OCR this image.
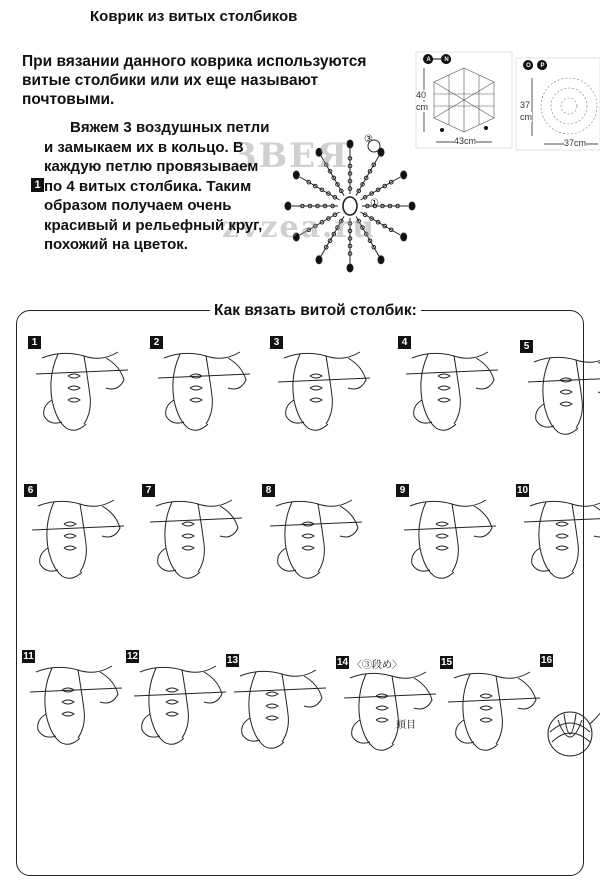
Коврик из витых столбиков
При вязании данного коврика используются витые столбики или их еще называют почтовыми.
A	N
40
cm
43cm
O	P
37
cm
37cm
③
①
ЗВЕЯ
zvzea.ru
1
Вяжем 3 воздушных петли и замыкаем их в кольцо. В каждую петлю провязываем по 4 витых столбика. Таким образом получаем очень красивый и рельефный круг, похожий на цветок.
Как вязать витой столбик:
1	2	3	4	5
6	7	8	9	10
11	12	13	14 〈③段め〉
頭目
15	16
